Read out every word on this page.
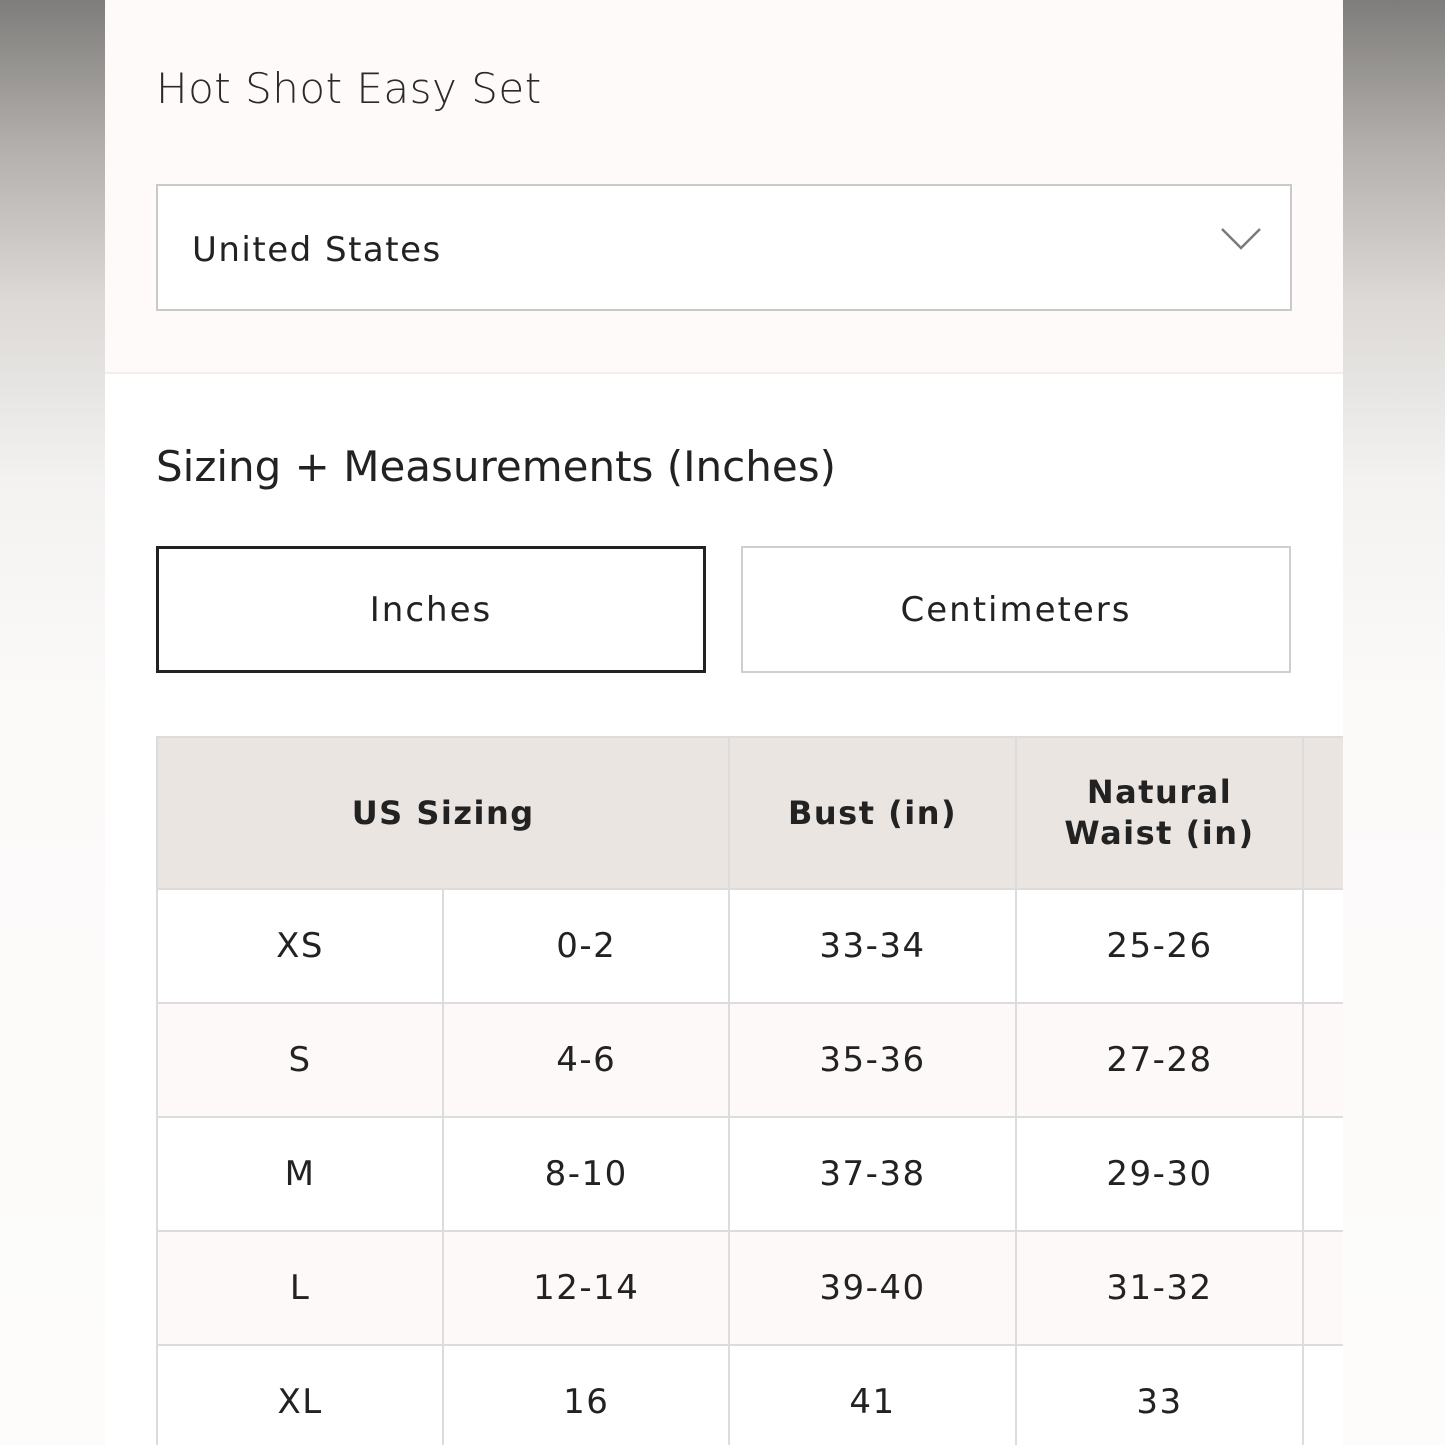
Hot Shot Easy Set
United States
Sizing + Measurements (Inches)
Inches	Centimeters
US Sizing		Bust (in)	Natural Waist (in)	
XS	0-2	33-34	25-26	
S	4-6	35-36	27-28	
M	8-10	37-38	29-30	
L	12-14	39-40	31-32	
XL	16	41	33	
